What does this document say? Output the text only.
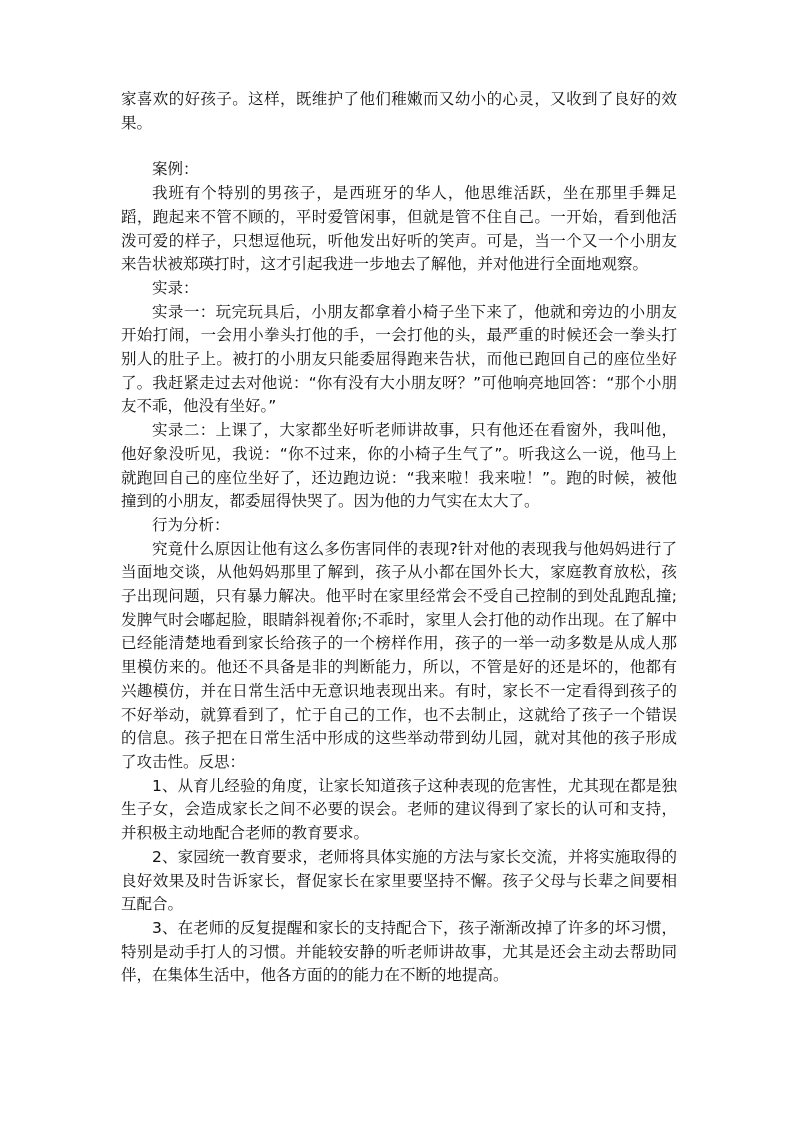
家喜欢的好孩子。这样，既维护了他们稚嫩而又幼小的心灵，又收到了良好的效果。

案例：

我班有个特别的男孩子，是西班牙的华人，他思维活跃，坐在那里手舞足蹈，跑起来不管不顾的，平时爱管闲事，但就是管不住自己。一开始，看到他活泼可爱的样子，只想逗他玩，听他发出好听的笑声。可是，当一个又一个小朋友来告状被郑瑛打时，这才引起我进一步地去了解他，并对他进行全面地观察。

实录：

实录一：玩完玩具后，小朋友都拿着小椅子坐下来了，他就和旁边的小朋友开始打闹，一会用小拳头打他的手，一会打他的头，最严重的时候还会一拳头打别人的肚子上。被打的小朋友只能委屈得跑来告状，而他已跑回自己的座位坐好了。我赶紧走过去对他说：“你有没有大小朋友呀？”可他响亮地回答：“那个小朋友不乖，他没有坐好。”

实录二：上课了，大家都坐好听老师讲故事，只有他还在看窗外，我叫他，他好象没听见，我说：“你不过来，你的小椅子生气了”。听我这么一说，他马上就跑回自己的座位坐好了，还边跑边说：“我来啦！我来啦！”。跑的时候，被他撞到的小朋友，都委屈得快哭了。因为他的力气实在太大了。

行为分析：

究竟什么原因让他有这么多伤害同伴的表现?针对他的表现我与他妈妈进行了当面地交谈，从他妈妈那里了解到，孩子从小都在国外长大，家庭教育放松，孩子出现问题，只有暴力解决。他平时在家里经常会不受自己控制的到处乱跑乱撞;发脾气时会嘟起脸，眼睛斜视着你;不乖时，家里人会打他的动作出现。在了解中已经能清楚地看到家长给孩子的一个榜样作用，孩子的一举一动多数是从成人那里模仿来的。他还不具备是非的判断能力，所以，不管是好的还是坏的，他都有兴趣模仿，并在日常生活中无意识地表现出来。有时，家长不一定看得到孩子的不好举动，就算看到了，忙于自己的工作，也不去制止，这就给了孩子一个错误的信息。孩子把在日常生活中形成的这些举动带到幼儿园，就对其他的孩子形成了攻击性。反思：

1、从育儿经验的角度，让家长知道孩子这种表现的危害性，尤其现在都是独生子女，会造成家长之间不必要的误会。老师的建议得到了家长的认可和支持，并积极主动地配合老师的教育要求。

2、家园统一教育要求，老师将具体实施的方法与家长交流，并将实施取得的良好效果及时告诉家长，督促家长在家里要坚持不懈。孩子父母与长辈之间要相互配合。

3、在老师的反复提醒和家长的支持配合下，孩子渐渐改掉了许多的坏习惯，特别是动手打人的习惯。并能较安静的听老师讲故事，尤其是还会主动去帮助同伴，在集体生活中，他各方面的的能力在不断的地提高。
